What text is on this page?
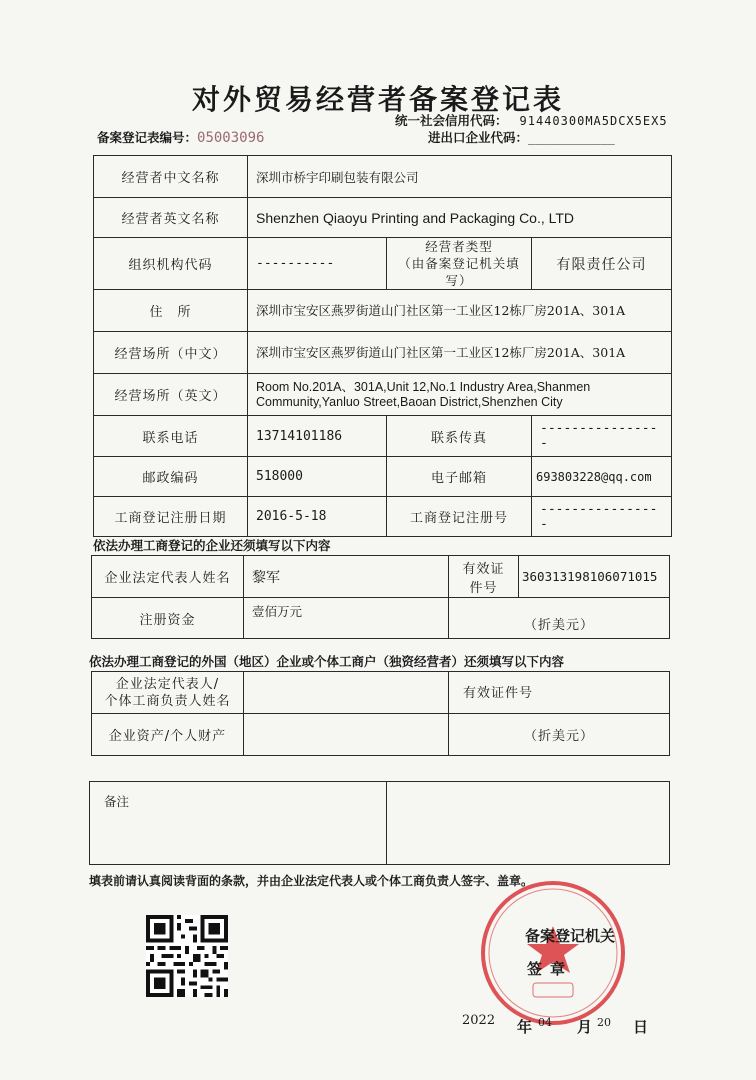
对外贸易经营者备案登记表
统一社会信用代码： 91440300MA5DCX5EX5
备案登记表编号：05003096	进出口企业代码：____________
经营者中文名称	深圳市桥宇印刷包装有限公司		
经营者英文名称	Shenzhen Qiaoyu Printing and Packaging Co., LTD		
组织机构代码	----------	经营者类型
（由备案登记机关填写）	有限责任公司
住　所	深圳市宝安区燕罗街道山门社区第一工业区12栋厂房201A、301A		
经营场所（中文）	深圳市宝安区燕罗街道山门社区第一工业区12栋厂房201A、301A		
经营场所（英文）	Room No.201A、301A,Unit 12,No.1 Industry Area,Shanmen Community,Yanluo Street,Baoan District,Shenzhen City		
联系电话	13714101186	联系传真	----------------
邮政编码	518000	电子邮箱	693803228@qq.com
工商登记注册日期	2016-5-18	工商登记注册号	----------------
依法办理工商登记的企业还须填写以下内容
企业法定代表人姓名	黎军	有效证件号	360313198106071015
注册资金	壹佰万元	（折美元）	
依法办理工商登记的外国（地区）企业或个体工商户（独资经营者）还须填写以下内容
企业法定代表人/
个体工商负责人姓名		有效证件号
企业资产/个人财产		（折美元）
备注	
填表前请认真阅读背面的条款，并由企业法定代表人或个体工商负责人签字、盖章。
备案登记机关
签章
2022 年 04 月 20 日
